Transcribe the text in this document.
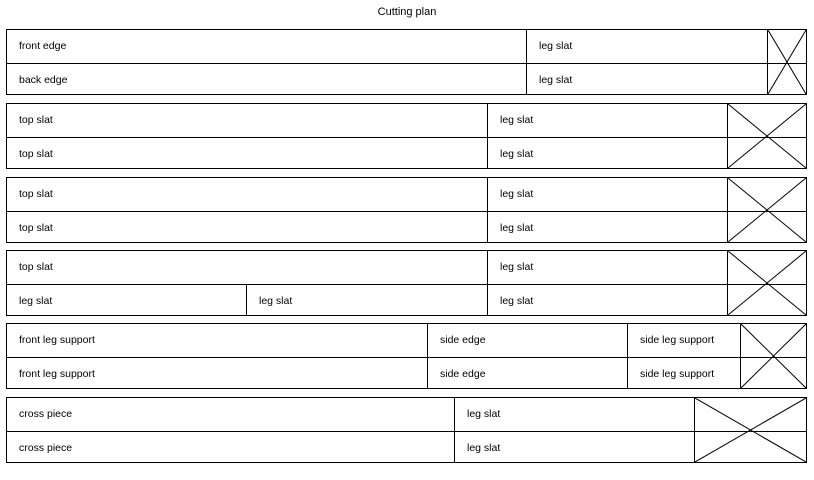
Cutting plan
front edge	leg slat
back edge	leg slat
top slat	leg slat
top slat	leg slat
top slat	leg slat
top slat	leg slat
top slat	leg slat
leg slat	leg slat	leg slat
front leg support	side edge	side leg support
front leg support	side edge	side leg support
cross piece	leg slat
cross piece	leg slat
